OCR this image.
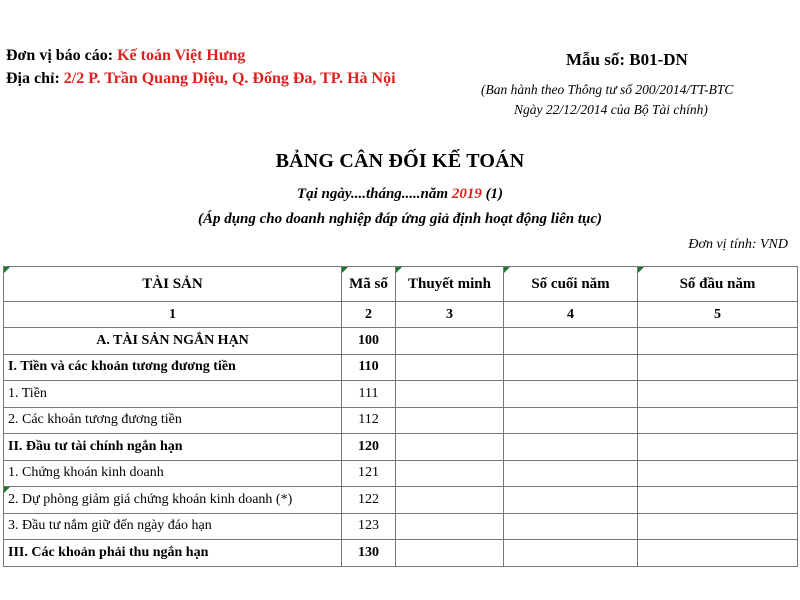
Đơn vị báo cáo: Kế toán Việt Hưng
Địa chỉ: 2/2 P. Trần Quang Diệu, Q. Đống Đa, TP. Hà Nội
Mẫu số: B01-DN
(Ban hành theo Thông tư số 200/2014/TT-BTC
Ngày 22/12/2014 của Bộ Tài chính)
BẢNG CÂN ĐỐI KẾ TOÁN
Tại ngày....tháng.....năm 2019 (1)
(Áp dụng cho doanh nghiệp đáp ứng giả định hoạt động liên tục)
Đơn vị tính: VND
TÀI SẢN	Mã số	Thuyết minh	Số cuối năm	Số đầu năm
1	2	3	4	5
A. TÀI SẢN NGẮN HẠN	100			
I. Tiền và các khoản tương đương tiền	110			
1. Tiền	111			
2. Các khoản tương đương tiền	112			
II. Đầu tư tài chính ngắn hạn	120			
1. Chứng khoán kinh doanh	121			

2. Dự phòng giảm giá chứng khoán kinh doanh (*)	122			
3. Đầu tư nắm giữ đến ngày đáo hạn	123			
III. Các khoản phải thu ngắn hạn	130			
